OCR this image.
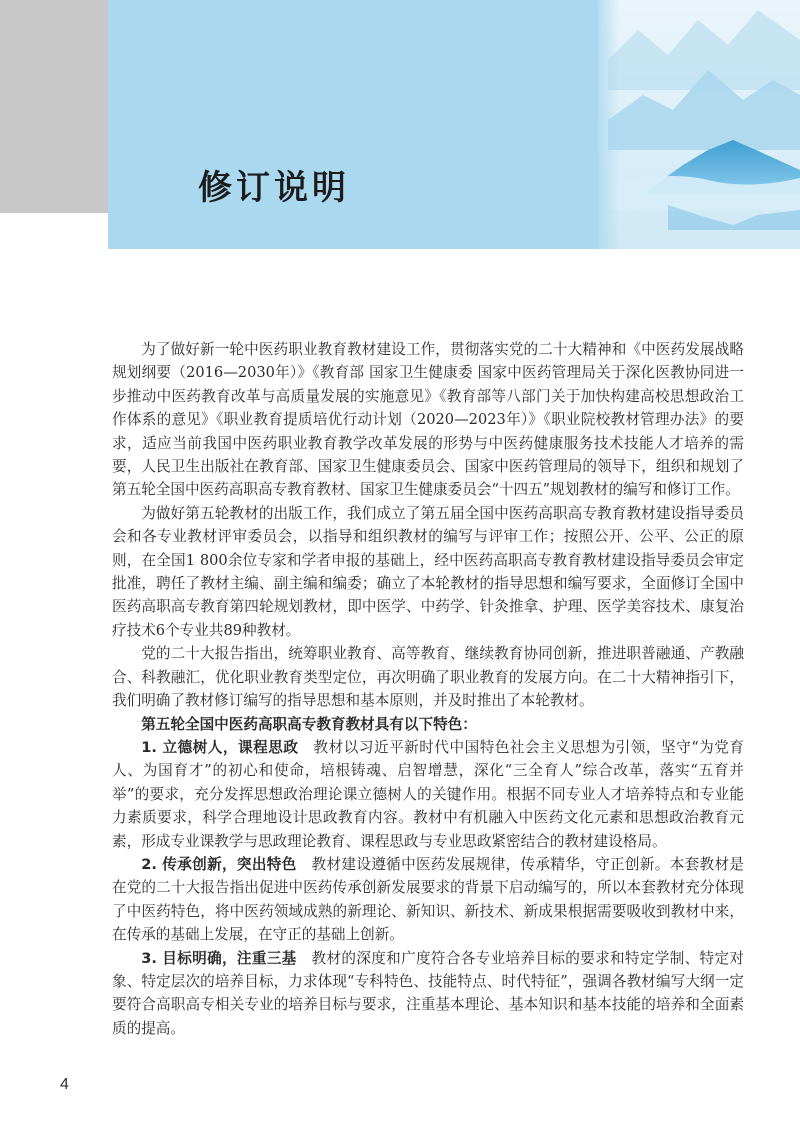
修订说明

为了做好新一轮中医药职业教育教材建设工作，贯彻落实党的二十大精神和《中医药发展战略规划纲要（2016—2030年）》《教育部 国家卫生健康委 国家中医药管理局关于深化医教协同进一步推动中医药教育改革与高质量发展的实施意见》《教育部等八部门关于加快构建高校思想政治工作体系的意见》《职业教育提质培优行动计划（2020—2023年）》《职业院校教材管理办法》的要求，适应当前我国中医药职业教育教学改革发展的形势与中医药健康服务技术技能人才培养的需要，人民卫生出版社在教育部、国家卫生健康委员会、国家中医药管理局的领导下，组织和规划了第五轮全国中医药高职高专教育教材、国家卫生健康委员会“十四五”规划教材的编写和修订工作。

为做好第五轮教材的出版工作，我们成立了第五届全国中医药高职高专教育教材建设指导委员会和各专业教材评审委员会，以指导和组织教材的编写与评审工作；按照公开、公平、公正的原则，在全国1 800余位专家和学者申报的基础上，经中医药高职高专教育教材建设指导委员会审定批准，聘任了教材主编、副主编和编委；确立了本轮教材的指导思想和编写要求，全面修订全国中医药高职高专教育第四轮规划教材，即中医学、中药学、针灸推拿、护理、医学美容技术、康复治疗技术6个专业共89种教材。

党的二十大报告指出，统筹职业教育、高等教育、继续教育协同创新，推进职普融通、产教融合、科教融汇，优化职业教育类型定位，再次明确了职业教育的发展方向。在二十大精神指引下，我们明确了教材修订编写的指导思想和基本原则，并及时推出了本轮教材。

第五轮全国中医药高职高专教育教材具有以下特色：

1. 立德树人，课程思政　 教材以习近平新时代中国特色社会主义思想为引领，坚守“为党育人、为国育才”的初心和使命，培根铸魂、启智增慧，深化“三全育人”综合改革，落实“五育并举”的要求，充分发挥思想政治理论课立德树人的关键作用。根据不同专业人才培养特点和专业能力素质要求，科学合理地设计思政教育内容。教材中有机融入中医药文化元素和思想政治教育元素，形成专业课教学与思政理论教育、课程思政与专业思政紧密结合的教材建设格局。

2. 传承创新，突出特色　 教材建设遵循中医药发展规律，传承精华，守正创新。本套教材是在党的二十大报告指出促进中医药传承创新发展要求的背景下启动编写的，所以本套教材充分体现了中医药特色，将中医药领域成熟的新理论、新知识、新技术、新成果根据需要吸收到教材中来，在传承的基础上发展，在守正的基础上创新。

3. 目标明确，注重三基　 教材的深度和广度符合各专业培养目标的要求和特定学制、特定对象、特定层次的培养目标，力求体现“专科特色、技能特点、时代特征”，强调各教材编写大纲一定要符合高职高专相关专业的培养目标与要求，注重基本理论、基本知识和基本技能的培养和全面素质的提高。

4
